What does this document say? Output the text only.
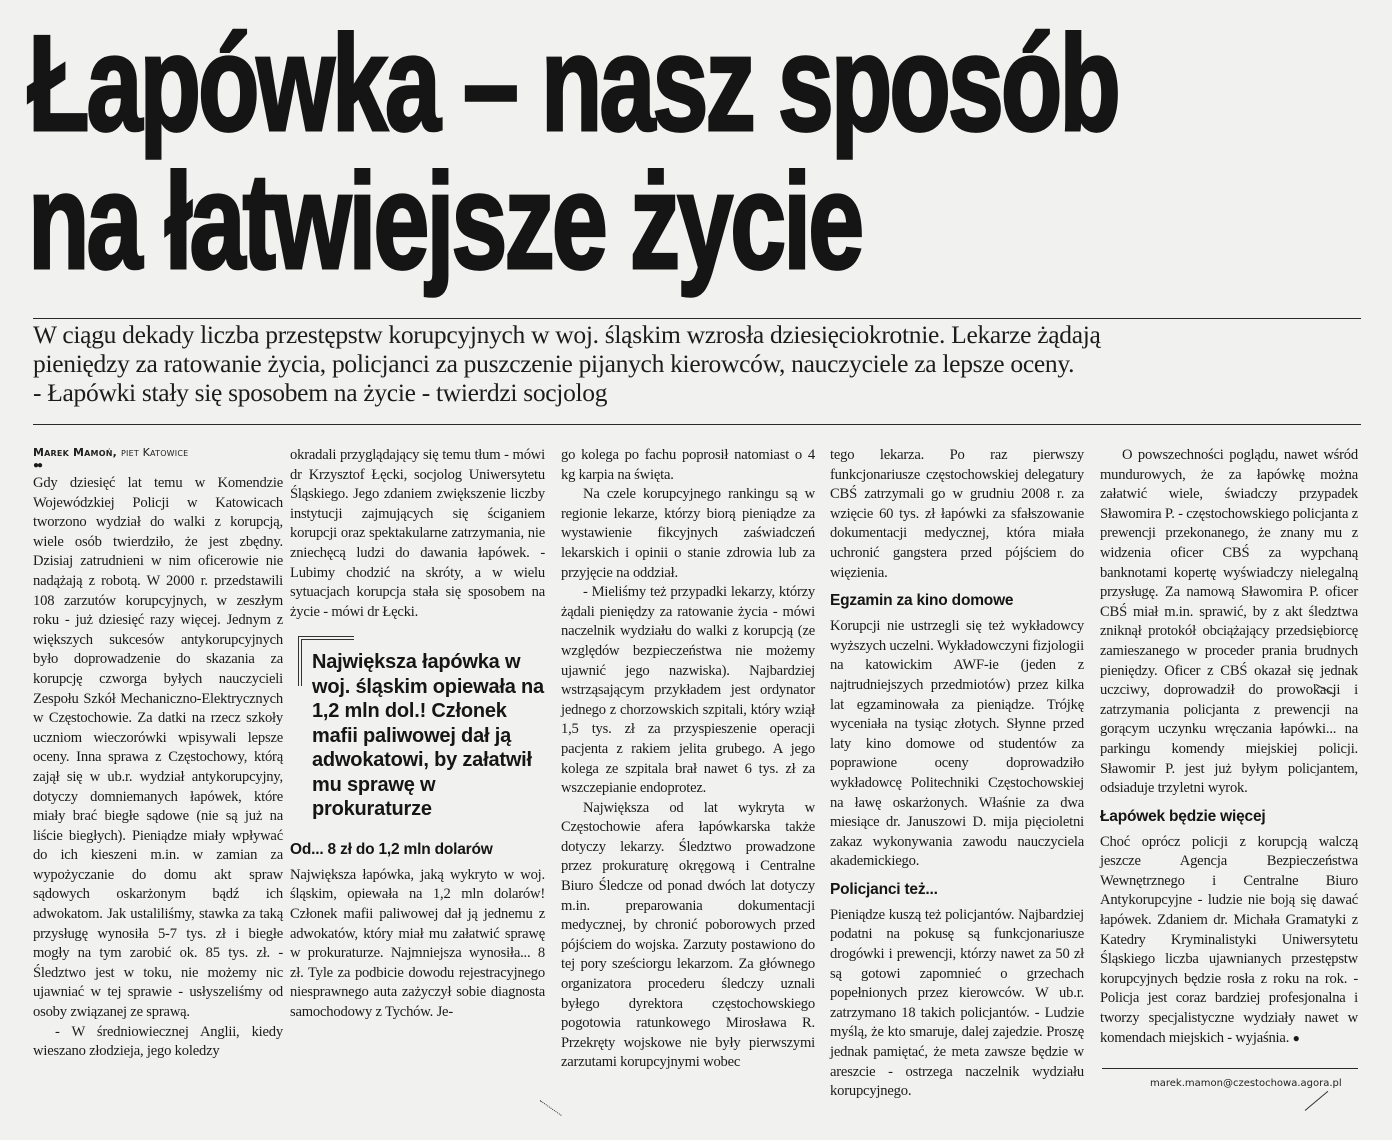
Łapówka – nasz sposób
na łatwiejsze życie
W ciągu dekady liczba przestępstw korupcyjnych w woj. śląskim wzrosła dziesięciokrotnie. Lekarze żądają
pieniędzy za ratowanie życia, policjanci za puszczenie pijanych kierowców, nauczyciele za lepsze oceny.
- Łapówki stały się sposobem na życie - twierdzi socjolog
Marek Mamoń, piet Katowice
●●

Gdy dziesięć lat temu w Komendzie Wojewódzkiej Policji w Katowicach tworzono wydział do walki z korupcją, wiele osób twierdziło, że jest zbędny. Dzisiaj zatrudnieni w nim oficerowie nie nadążają z robotą. W 2000 r. przedstawili 108 zarzutów korupcyjnych, w zeszłym roku - już dziesięć razy więcej. Jednym z większych sukcesów antykorupcyjnych było doprowadzenie do skazania za korupcję czworga byłych nauczycieli Zespołu Szkół Mechaniczno-Elektrycznych w Częstochowie. Za datki na rzecz szkoły uczniom wieczorówki wpisywali lepsze oceny. Inna sprawa z Częstochowy, którą zajął się w ub.r. wydział antykorupcyjny, dotyczy domniemanych łapówek, które miały brać biegłe sądowe (nie są już na liście biegłych). Pieniądze miały wpływać do ich kieszeni m.in. w zamian za wypożyczanie do domu akt spraw sądowych oskarżonym bądź ich adwokatom. Jak ustaliliśmy, stawka za taką przysługę wynosiła 5-7 tys. zł i biegłe mogły na tym zarobić ok. 85 tys. zł. - Śledztwo jest w toku, nie możemy nic ujawniać w tej sprawie - usłyszeliśmy od osoby związanej ze sprawą.

- W średniowiecznej Anglii, kiedy wieszano złodzieja, jego koledzy

okradali przyglądający się temu tłum - mówi dr Krzysztof Łęcki, socjolog Uniwersytetu Śląskiego. Jego zdaniem zwiększenie liczby instytucji zajmujących się ściganiem korupcji oraz spektakularne zatrzymania, nie zniechęcą ludzi do dawania łapówek. - Lubimy chodzić na skróty, a w wielu sytuacjach korupcja stała się sposobem na życie - mówi dr Łęcki.

Największa łapówka w woj. śląskim opiewała na 1,2 mln dol.! Członek mafii paliwowej dał ją adwokatowi, by załatwił mu sprawę w prokuraturze
Od... 8 zł do 1,2 mln dolarów

Największa łapówka, jaką wykryto w woj. śląskim, opiewała na 1,2 mln dolarów! Członek mafii paliwowej dał ją jednemu z adwokatów, który miał mu załatwić sprawę w prokuraturze. Najmniejsza wynosiła... 8 zł. Tyle za podbicie dowodu rejestracyjnego niesprawnego auta zażyczył sobie diagnosta samochodowy z Tychów. Je-

go kolega po fachu poprosił natomiast o 4 kg karpia na święta.

Na czele korupcyjnego rankingu są w regionie lekarze, którzy biorą pieniądze za wystawienie fikcyjnych zaświadczeń lekarskich i opinii o stanie zdrowia lub za przyjęcie na oddział.

- Mieliśmy też przypadki lekarzy, którzy żądali pieniędzy za ratowanie życia - mówi naczelnik wydziału do walki z korupcją (ze względów bezpieczeństwa nie możemy ujawnić jego nazwiska). Najbardziej wstrząsającym przykładem jest ordynator jednego z chorzowskich szpitali, który wziął 1,5 tys. zł za przyspieszenie operacji pacjenta z rakiem jelita grubego. A jego kolega ze szpitala brał nawet 6 tys. zł za wszczepianie endoprotez.

Największa od lat wykryta w Częstochowie afera łapówkarska także dotyczy lekarzy. Śledztwo prowadzone przez prokuraturę okręgową i Centralne Biuro Śledcze od ponad dwóch lat dotyczy m.in. preparowania dokumentacji medycznej, by chronić poborowych przed pójściem do wojska. Zarzuty postawiono do tej pory sześciorgu lekarzom. Za głównego organizatora procederu śledczy uznali byłego dyrektora częstochowskiego pogotowia ratunkowego Mirosława R. Przekręty wojskowe nie były pierwszymi zarzutami korupcyjnymi wobec

tego lekarza. Po raz pierwszy funkcjonariusze częstochowskiej delegatury CBŚ zatrzymali go w grudniu 2008 r. za wzięcie 60 tys. zł łapówki za sfałszowanie dokumentacji medycznej, która miała uchronić gangstera przed pójściem do więzienia.

Egzamin za kino domowe

Korupcji nie ustrzegli się też wykładowcy wyższych uczelni. Wykładowczyni fizjologii na katowickim AWF-ie (jeden z najtrudniejszych przedmiotów) przez kilka lat egzaminowała za pieniądze. Trójkę wyceniała na tysiąc złotych. Słynne przed laty kino domowe od studentów za poprawione oceny doprowadziło wykładowcę Politechniki Częstochowskiej na ławę oskarżonych. Właśnie za dwa miesiące dr. Januszowi D. mija pięcioletni zakaz wykonywania zawodu nauczyciela akademickiego.

Policjanci też...

Pieniądze kuszą też policjantów. Najbardziej podatni na pokusę są funkcjonariusze drogówki i prewencji, którzy nawet za 50 zł są gotowi zapomnieć o grzechach popełnionych przez kierowców. W ub.r. zatrzymano 18 takich policjantów. - Ludzie myślą, że kto smaruje, dalej zajedzie. Proszę jednak pamiętać, że meta zawsze będzie w areszcie - ostrzega naczelnik wydziału korupcyjnego.

O powszechności poglądu, nawet wśród mundurowych, że za łapówkę można załatwić wiele, świadczy przypadek Sławomira P. - częstochowskiego policjanta z prewencji przekonanego, że znany mu z widzenia oficer CBŚ za wypchaną banknotami kopertę wyświadczy nielegalną przysługę. Za namową Sławomira P. oficer CBŚ miał m.in. sprawić, by z akt śledztwa zniknął protokół obciążający przedsiębiorcę zamieszanego w proceder prania brudnych pieniędzy. Oficer z CBŚ okazał się jednak uczciwy, doprowadził do prowokacji i zatrzymania policjanta z prewencji na gorącym uczynku wręczania łapówki... na parkingu komendy miejskiej policji. Sławomir P. jest już byłym policjantem, odsiaduje trzyletni wyrok.

Łapówek będzie więcej

Choć oprócz policji z korupcją walczą jeszcze Agencja Bezpieczeństwa Wewnętrznego i Centralne Biuro Antykorupcyjne - ludzie nie boją się dawać łapówek. Zdaniem dr. Michała Gramatyki z Katedry Kryminalistyki Uniwersytetu Śląskiego liczba ujawnianych przestępstw korupcyjnych będzie rosła z roku na rok. - Policja jest coraz bardziej profesjonalna i tworzy specjalistyczne wydziały nawet w komendach miejskich - wyjaśnia. ●

marek.mamon@czestochowa.agora.pl
